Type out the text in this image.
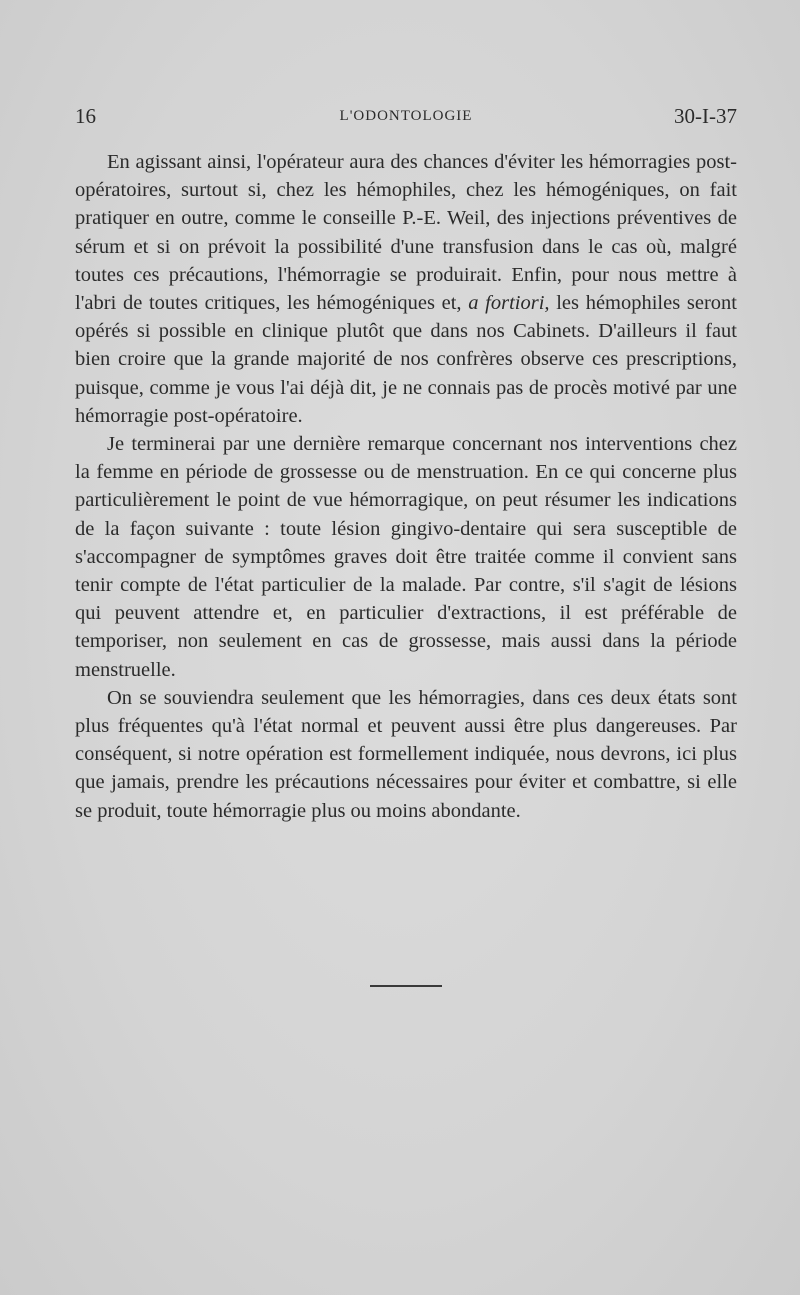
16	L'ODONTOLOGIE	30-I-37

En agissant ainsi, l'opérateur aura des chances d'éviter les hémorragies post-opératoires, surtout si, chez les hémophiles, chez les hémogéniques, on fait pratiquer en outre, comme le conseille P.-E. Weil, des injections préventives de sérum et si on prévoit la possibilité d'une transfusion dans le cas où, malgré toutes ces précautions, l'hémorragie se produirait. Enfin, pour nous mettre à l'abri de toutes critiques, les hémogéniques et, a fortiori, les hémophiles seront opérés si possible en clinique plutôt que dans nos Cabinets. D'ailleurs il faut bien croire que la grande majorité de nos confrères observe ces prescriptions, puisque, comme je vous l'ai déjà dit, je ne connais pas de procès motivé par une hémorragie post-opératoire.

Je terminerai par une dernière remarque concernant nos interventions chez la femme en période de grossesse ou de menstruation. En ce qui concerne plus particulièrement le point de vue hémorragique, on peut résumer les indications de la façon suivante : toute lésion gingivo-dentaire qui sera susceptible de s'accompagner de symptômes graves doit être traitée comme il convient sans tenir compte de l'état particulier de la malade. Par contre, s'il s'agit de lésions qui peuvent attendre et, en particulier d'extractions, il est préférable de temporiser, non seulement en cas de grossesse, mais aussi dans la période menstruelle.

On se souviendra seulement que les hémorragies, dans ces deux états sont plus fréquentes qu'à l'état normal et peuvent aussi être plus dangereuses. Par conséquent, si notre opération est formellement indiquée, nous devrons, ici plus que jamais, prendre les précautions nécessaires pour éviter et combattre, si elle se produit, toute hémorragie plus ou moins abondante.
